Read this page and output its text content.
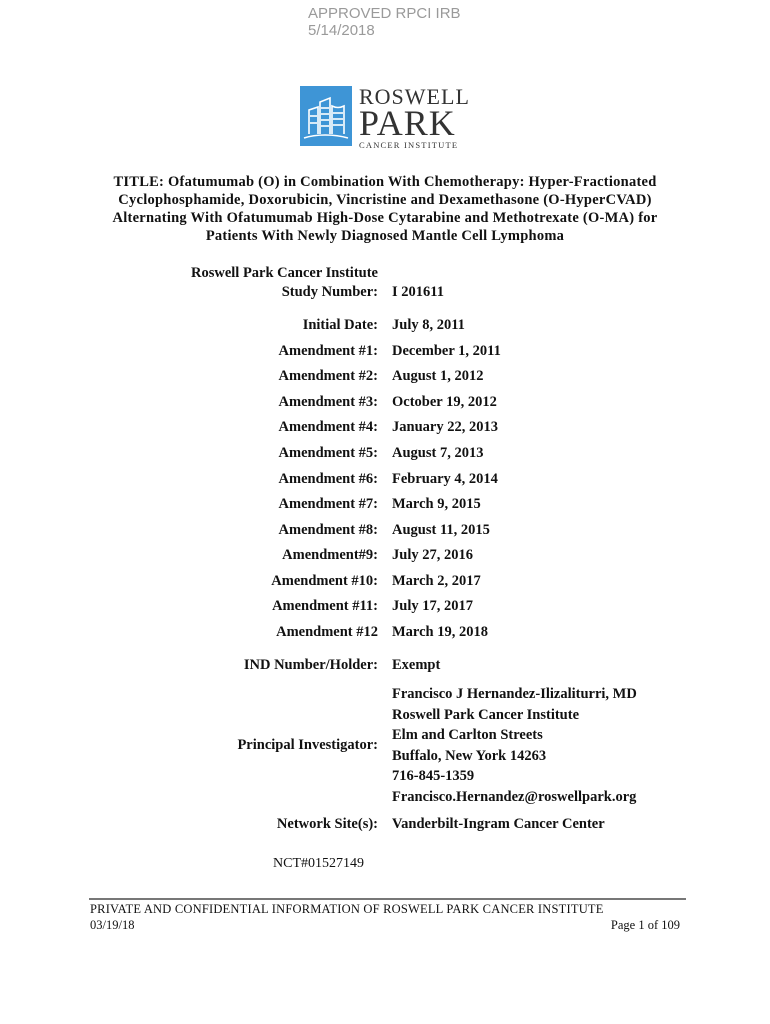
APPROVED RPCI IRB
5/14/2018
ROSWELL
PARK
CANCER INSTITUTE
TITLE: Ofatumumab (O) in Combination With Chemotherapy: Hyper-Fractionated
Cyclophosphamide, Doxorubicin, Vincristine and Dexamethasone (O-HyperCVAD)
Alternating With Ofatumumab High-Dose Cytarabine and Methotrexate (O-MA) for
Patients With Newly Diagnosed Mantle Cell Lymphoma
Roswell Park Cancer Institute
Study Number: I 201611
Initial Date: July 8, 2011
Amendment #1: December 1, 2011
Amendment #2: August 1, 2012
Amendment #3: October 19, 2012
Amendment #4: January 22, 2013
Amendment #5: August 7, 2013
Amendment #6: February 4, 2014
Amendment #7: March 9, 2015
Amendment #8: August 11, 2015
Amendment#9: July 27, 2016
Amendment #10: March 2, 2017
Amendment #11: July 17, 2017
Amendment #12 March 19, 2018
IND Number/Holder: Exempt
Principal Investigator:
Francisco J Hernandez-Ilizaliturri, MD
Roswell Park Cancer Institute
Elm and Carlton Streets
Buffalo, New York 14263
716-845-1359
Francisco.Hernandez@roswellpark.org
Network Site(s): Vanderbilt-Ingram Cancer Center
NCT#01527149
PRIVATE AND CONFIDENTIAL INFORMATION OF ROSWELL PARK CANCER INSTITUTE
03/19/18	Page 1 of 109
